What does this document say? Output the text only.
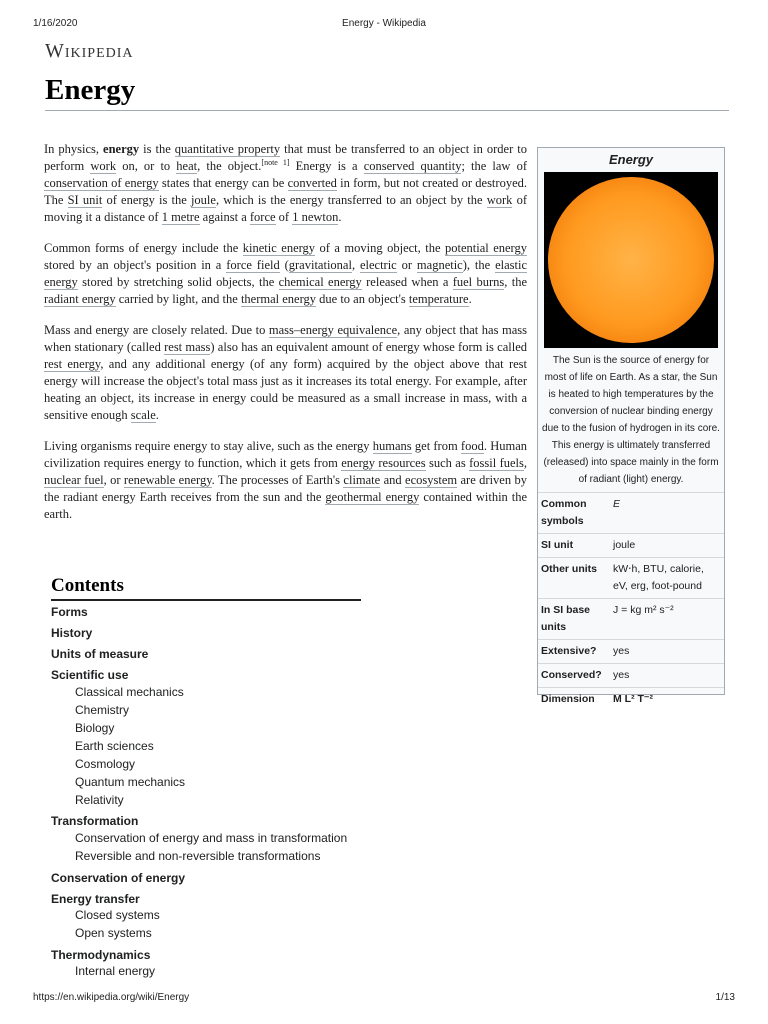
1/16/2020	Energy - Wikipedia
Wikipedia
Energy

In physics, energy is the quantitative property that must be transferred to an object in order to perform work on, or to heat, the object.[note 1] Energy is a conserved quantity; the law of conservation of energy states that energy can be converted in form, but not created or destroyed. The SI unit of energy is the joule, which is the energy transferred to an object by the work of moving it a distance of 1 metre against a force of 1 newton.

Common forms of energy include the kinetic energy of a moving object, the potential energy stored by an object's position in a force field (gravitational, electric or magnetic), the elastic energy stored by stretching solid objects, the chemical energy released when a fuel burns, the radiant energy carried by light, and the thermal energy due to an object's temperature.

Mass and energy are closely related. Due to mass–energy equivalence, any object that has mass when stationary (called rest mass) also has an equivalent amount of energy whose form is called rest energy, and any additional energy (of any form) acquired by the object above that rest energy will increase the object's total mass just as it increases its total energy. For example, after heating an object, its increase in energy could be measured as a small increase in mass, with a sensitive enough scale.

Living organisms require energy to stay alive, such as the energy humans get from food. Human civilization requires energy to function, which it gets from energy resources such as fossil fuels, nuclear fuel, or renewable energy. The processes of Earth's climate and ecosystem are driven by the radiant energy Earth receives from the sun and the geothermal energy contained within the earth.

Energy
The Sun is the source of energy for most of life on Earth. As a star, the Sun is heated to high temperatures by the conversion of nuclear binding energy due to the fusion of hydrogen in its core. This energy is ultimately transferred (released) into space mainly in the form of radiant (light) energy.
Common symbols	E
SI unit	joule
Other units	kW⋅h, BTU, calorie, eV, erg, foot-pound
In SI base units	J = kg m² s⁻²
Extensive?	yes
Conserved?	yes
Dimension	M L² T⁻²
Contents
Forms
History
Units of measure
Scientific use
Classical mechanics
Chemistry
Biology
Earth sciences
Cosmology
Quantum mechanics
Relativity
Transformation
Conservation of energy and mass in transformation
Reversible and non-reversible transformations
Conservation of energy
Energy transfer
Closed systems
Open systems
Thermodynamics
Internal energy
https://en.wikipedia.org/wiki/Energy	1/13
